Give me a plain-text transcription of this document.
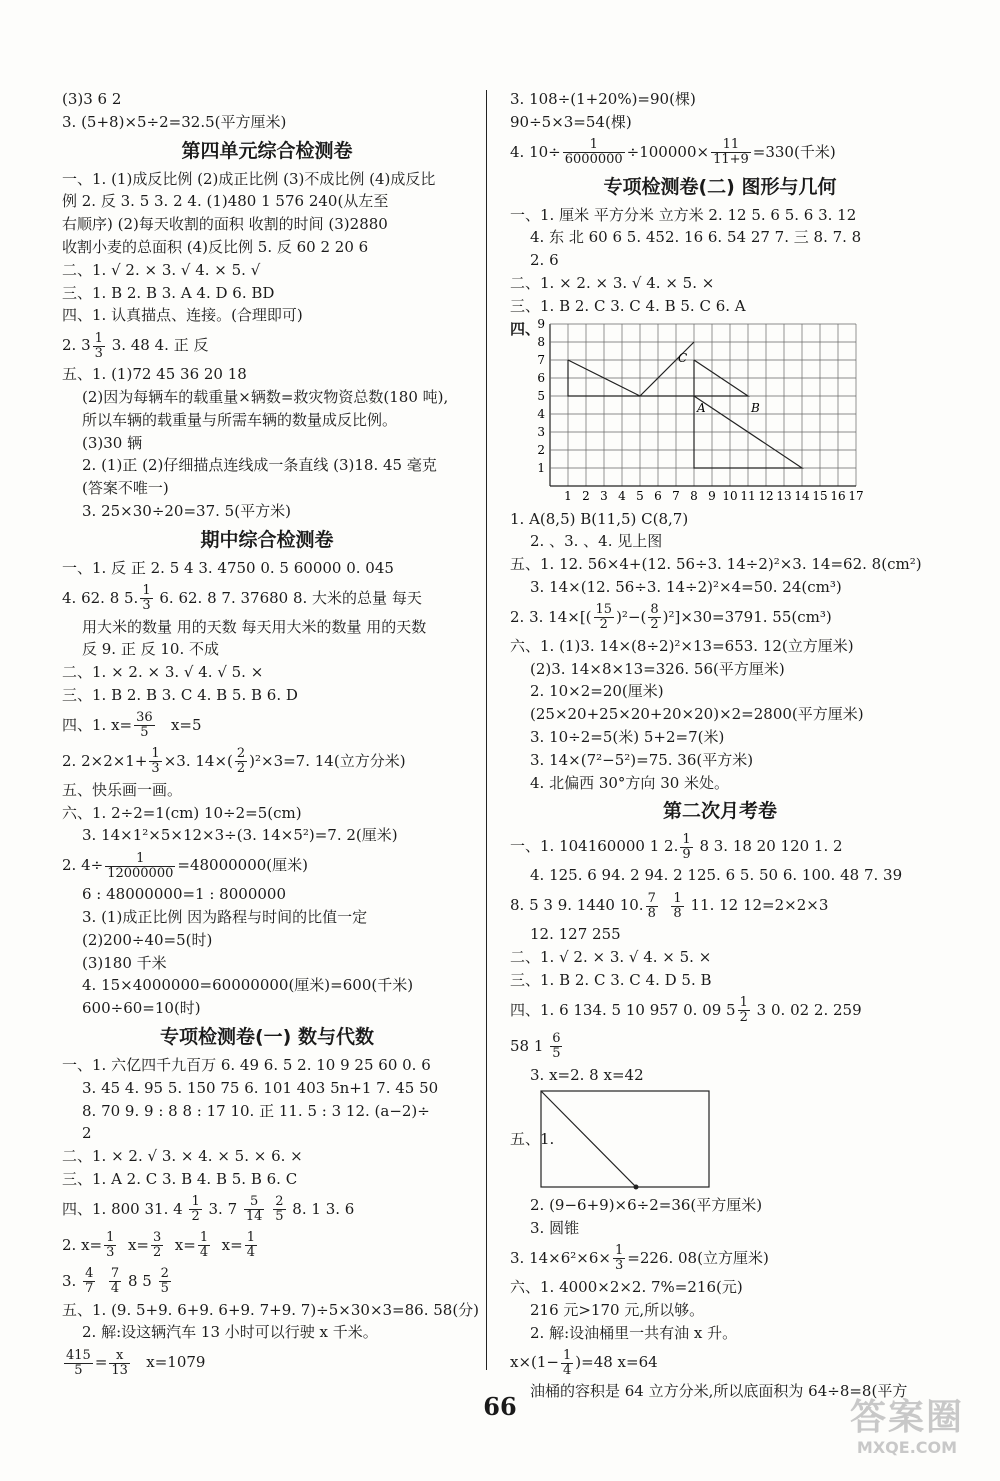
(3)3 6 2
3. (5+8)×5÷2=32.5(平方厘米)
第四单元综合检测卷
一、1. (1)成反比例 (2)成正比例 (3)不成比例 (4)成反比
例 2. 反 3. 5 3. 2 4. (1)480 1 576 240(从左至
右顺序) (2)每天收割的面积 收割的时间 (3)2880
收割小麦的总面积 (4)反比例 5. 反 60 2 20 6
二、1. √ 2. × 3. √ 4. × 5. √
三、1. B 2. B 3. A 4. D 6. BD
四、1. 认真描点、连接。(合理即可)
2. $3 \frac{1}{3} 3$. 48 4. 正 反
五、1. (1)72 45 36 20 18
(2)因为每辆车的载重量×辆数=救灾物资总数(180 吨),
所以车辆的载重量与所需车辆的数量成反比例。
(3)30 辆
2. (1)正 (2)仔细描点连线成一条直线 (3)18. 45 毫克
(答案不唯一)
3. 25×30÷20=37. 5(平方米)
期中综合检测卷
一、1. 反 正 2. 5 4 3. 4750 0. 5 60000 0. 045
4. 62. 8 5. $\frac{1}{3} 6$. 62. 8 7. 37680 8. 大米的总量 每天
用大米的数量 用的天数 每天用大米的数量 用的天数
反 9. 正 反 10. 不成
二、1. × 2. × 3. √ 4. √ 5. ×
三、1. B 2. B 3. C 4. B 5. B 6. D
四、1. $x= \frac{36}{5} x=5$
2. $2\times 2\times 1+ \frac{1}{3} \times 3$. $14\times( \frac{2}{2} )^2\times 3=7$. 14(立方分米)
五、快乐画一画。
六、1. 2÷2=1(cm) 10÷2=5(cm)
3. 14×1²×5×12×3÷(3. 14×5²)=7. 2(厘米)
2. $4\div \frac{1}{12000000} =48000000$(厘米)
6 : 48000000=1 : 8000000
3. (1)成正比例 因为路程与时间的比值一定
(2)200÷40=5(时)
(3)180 千米
4. 15×4000000=60000000(厘米)=600(千米)
600÷60=10(时)
专项检测卷(一) 数与代数
一、1. 六亿四千九百万 6. 49 6. 5 2. 10 9 25 60 0. 6
3. 45 4. 95 5. 150 75 6. 101 403 5n+1 7. 45 50
8. 70 9. 9 : 8 8 : 17 10. 正 11. 5 : 3 12. (a−2)÷
2
二、1. × 2. √ 3. × 4. × 5. × 6. ×
三、1. A 2. C 3. B 4. B 5. B 6. C
四、1. 800 31. $4 \frac{1}{2} 3$. $7 \frac{5}{14}$
$\frac{2}{5} 8$. 1 3. 6
2. $x= \frac{1}{3} x= \frac{3}{2} x= \frac{1}{4} x= \frac{1}{4}$
3. $\frac{4}{7}$
$\frac{7}{4} 8$ $5 \frac{2}{5}$
五、1. (9. 5+9. 6+9. 6+9. 7+9. 7)÷5×30×3=86. 58(分)
2. 解:设这辆汽车 13 小时可以行驶 x 千米。
$\frac{415}{5} = \frac{x}{13} x=1079$
3. 108÷(1+20%)=90(棵)
90÷5×3=54(棵)
4. $10\div \frac{1}{6000000} \div 100000\times \frac{11}{11+9} =330$(千米)
专项检测卷(二) 图形与几何
一、1. 厘米 平方分米 立方米 2. 12 5. 6 5. 6 3. 12
4. 东 北 60 6 5. 452. 16 6. 54 27 7. 三 8. 7. 8
2. 6
二、1. × 2. × 3. √ 4. × 5. ×
三、1. B 2. C 3. C 4. B 5. C 6. A
四、
1 2 3 4 5 6 7 8 9 10 11 12 13 14 15 16 17
1
2
3
4
5
6
7
8
9
A	B
C
1. A(8,5) B(11,5) C(8,7)
2. 、3. 、4. 见上图
五、1. 12. 56×4+(12. 56÷3. 14÷2)²×3. 14=62. 8(cm²)
3. 14×(12. 56÷3. 14÷2)²×4=50. 24(cm³)
2. 3. $14\times[( \frac{15}{2} )^2-( \frac{8}{2} )^2]\times 30=3791$. 55(cm³)
六、1. (1)3. 14×(8÷2)²×13=653. 12(立方厘米)
(2)3. 14×8×13=326. 56(平方厘米)
2. 10×2=20(厘米)
(25×20+25×20+20×20)×2=2800(平方厘米)
3. 10÷2=5(米) 5+2=7(米)
3. 14×(7²−5²)=75. 36(平方米)
4. 北偏西 30°方向 30 米处。
第二次月考卷
一、1. 104160000 1 2. $\frac{1}{9} 8$ 3. 18 20 120 1. 2
4. 125. 6 94. 2 94. 2 125. 6 5. 50 6. 100. 48 7. 39
8. 5 3 9. 1440 10. $\frac{7}{8}$
$\frac{1}{8} 11$. 12 12=2×2×3
12. 127 255
二、1. √ 2. × 3. √ 4. × 5. ×
三、1. B 2. C 3. C 4. D 5. B
四、1. 6 134. 5 10 957 0. 09 $5 \frac{1}{2} 3$ 0. 02 2. 259
58 $1 \frac{6}{5}$
3. x=2. 8 x=42
五、1.
2. (9−6+9)×6÷2=36(平方厘米)
3. 圆锥
3. $14\times 6^2\times 6\times \frac{1}{3} =226$. 08(立方厘米)
六、1. 4000×2×2. 7%=216(元)
216 元>170 元,所以够。
2. 解:设油桶里一共有油 x 升。
$x\times(1- \frac{1}{4} )=48$ x=64
油桶的容积是 64 立方分米,所以底面积为 64÷8=8(平方
66	答案圈
MXQE.COM
